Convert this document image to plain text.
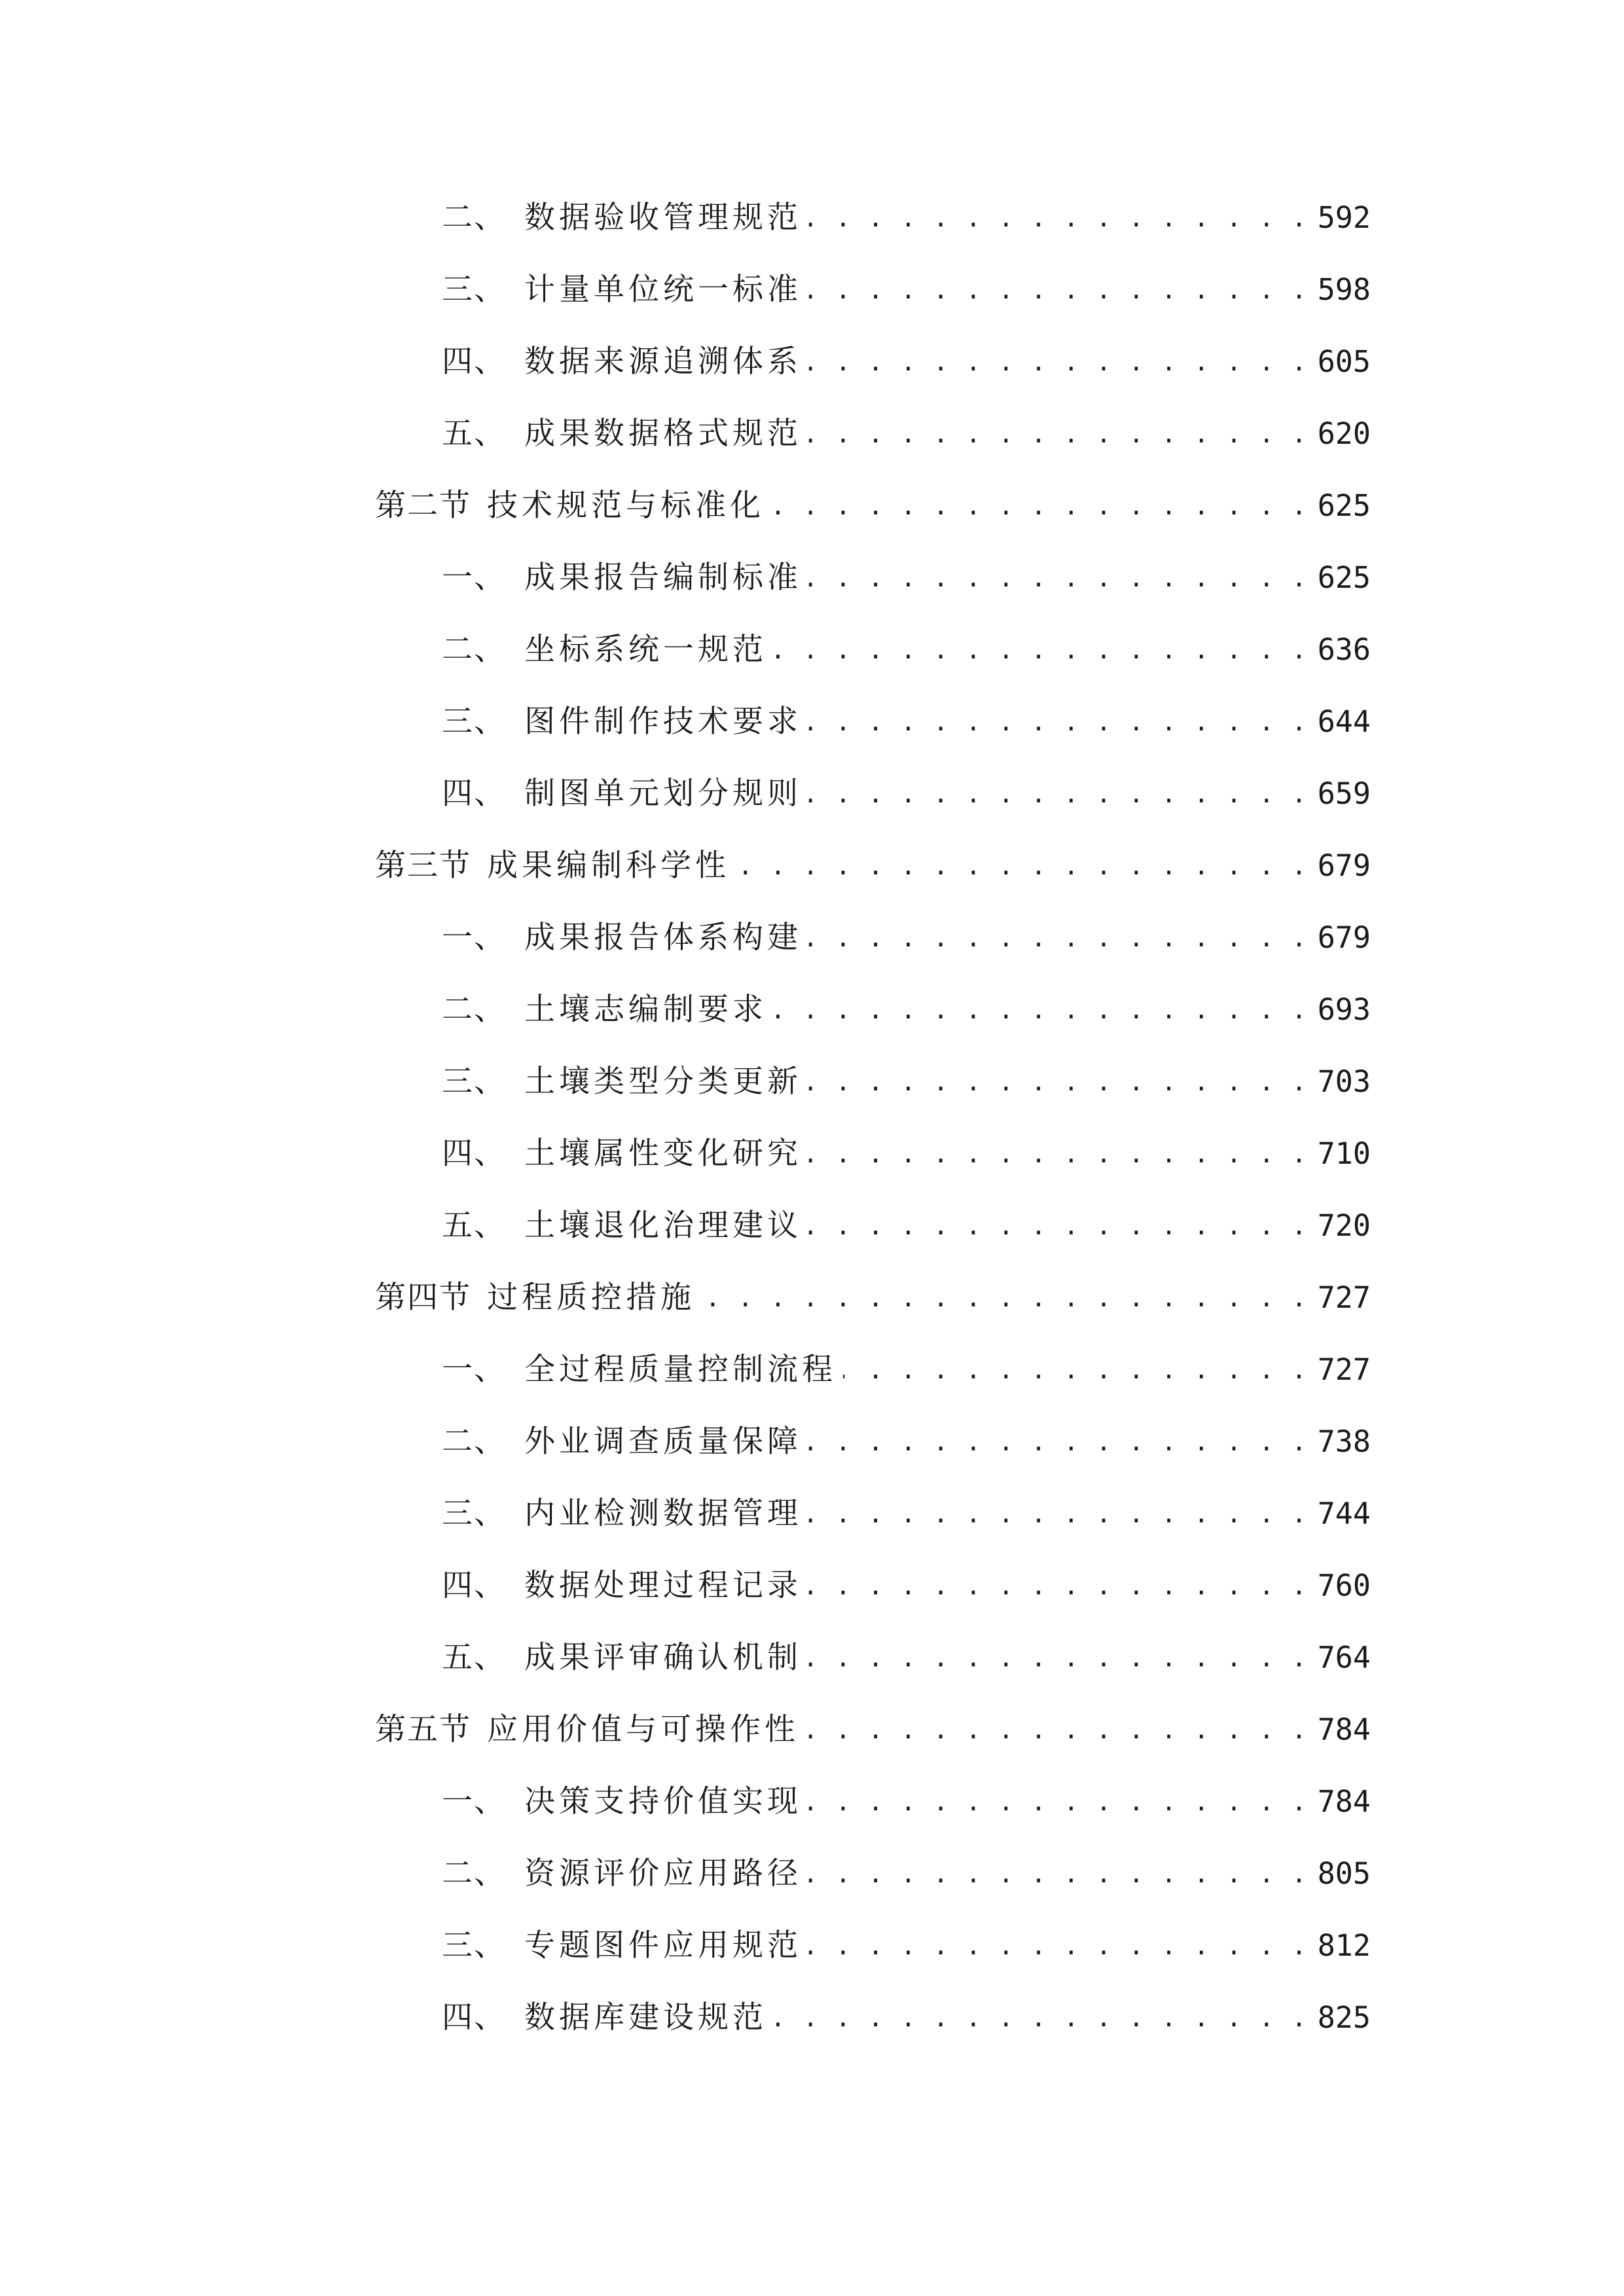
二、 数据验收管理规范 . . .	592
三、 计量单位统一标准 . . .	598
四、 数据来源追溯体系 . . .	605
五、 成果数据格式规范 . . .	620
第二节 技术规范与标准化 . . .	625
一、 成果报告编制标准 . . .	625
二、 坐标系统一规范 . . .	636
三、 图件制作技术要求 . . .	644
四、 制图单元划分规则 . . .	659
第三节 成果编制科学性 . . .	679
一、 成果报告体系构建 . . .	679
二、 土壤志编制要求 . . .	693
三、 土壤类型分类更新 . . .	703
四、 土壤属性变化研究 . . .	710
五、 土壤退化治理建议 . . .	720
第四节 过程质控措施 . . .	727
一、 全过程质量控制流程 . . .	727
二、 外业调查质量保障 . . .	738
三、 内业检测数据管理 . . .	744
四、 数据处理过程记录 . . .	760
五、 成果评审确认机制 . . .	764
第五节 应用价值与可操作性 . . .	784
一、 决策支持价值实现 . . .	784
二、 资源评价应用路径 . . .	805
三、 专题图件应用规范 . . .	812
四、 数据库建设规范 . . .	825
